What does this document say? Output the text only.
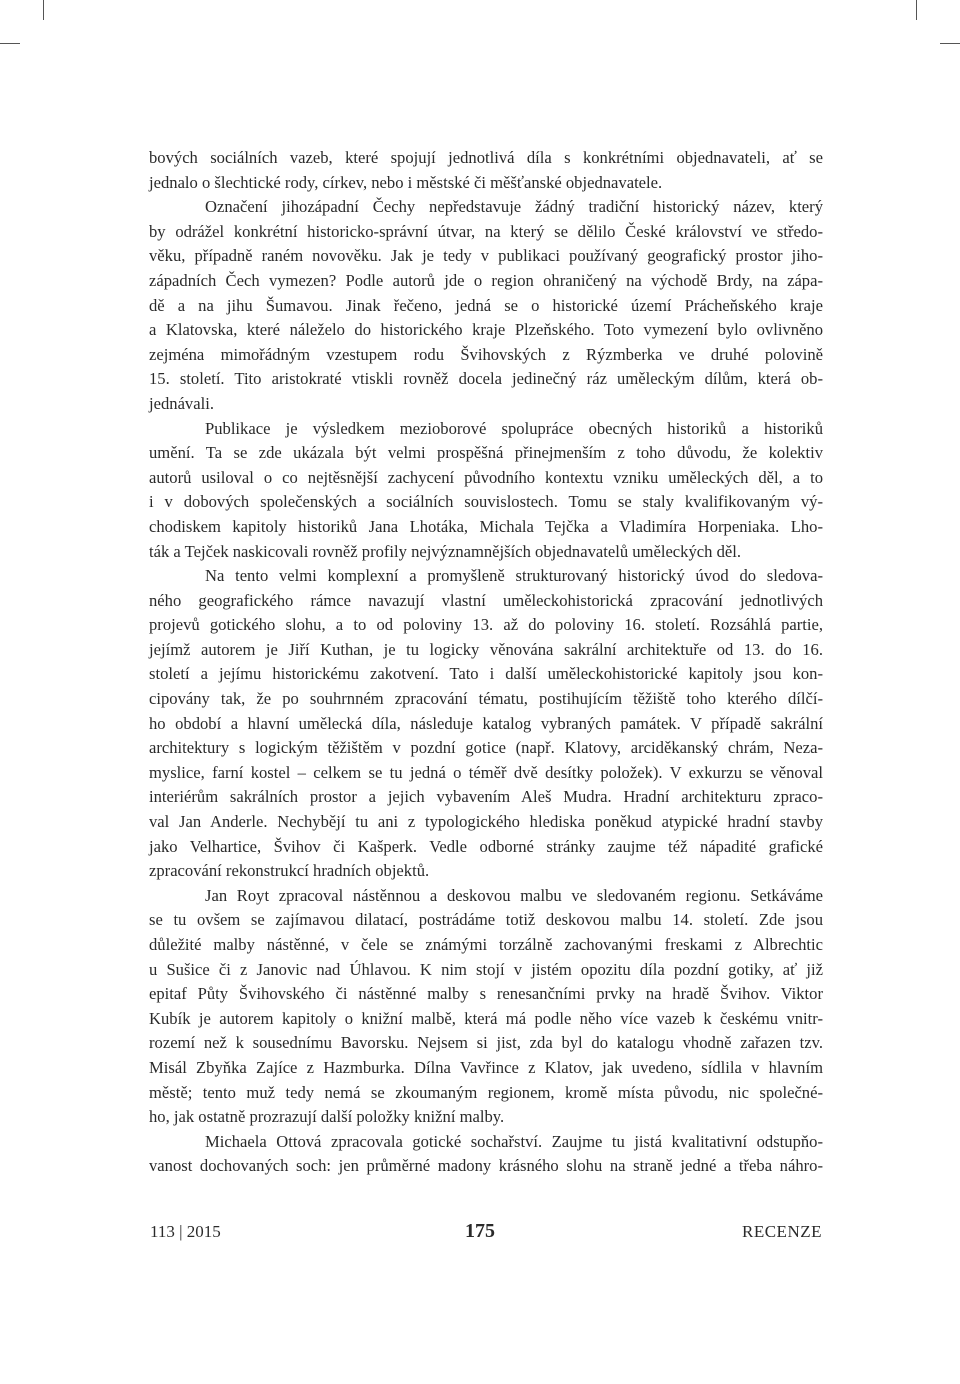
bových sociálních vazeb, které spojují jednotlivá díla s konkrétními objednavateli, ať se
jednalo o šlechtické rody, církev, nebo i městské či měšťanské objednavatele.
Označení jihozápadní Čechy nepředstavuje žádný tradiční historický název, který
by odrážel konkrétní historicko-správní útvar, na který se dělilo České království ve středo-
věku, případně raném novověku. Jak je tedy v publikaci používaný geografický prostor jiho-
západních Čech vymezen? Podle autorů jde o region ohraničený na východě Brdy, na zápa-
dě a na jihu Šumavou. Jinak řečeno, jedná se o historické území Prácheňského kraje
a Klatovska, které náleželo do historického kraje Plzeňského. Toto vymezení bylo ovlivněno
zejména mimořádným vzestupem rodu Švihovských z Rýzmberka ve druhé polovině
15. století. Tito aristokraté vtiskli rovněž docela jedinečný ráz uměleckým dílům, která ob-
jednávali.
Publikace je výsledkem mezioborové spolupráce obecných historiků a historiků
umění. Ta se zde ukázala být velmi prospěšná přinejmenším z toho důvodu, že kolektiv
autorů usiloval o co nejtěsnější zachycení původního kontextu vzniku uměleckých děl, a to
i v dobových společenských a sociálních souvislostech. Tomu se staly kvalifikovaným vý-
chodiskem kapitoly historiků Jana Lhotáka, Michala Tejčka a Vladimíra Horpeniaka. Lho-
ták a Tejček naskicovali rovněž profily nejvýznamnějších objednavatelů uměleckých děl.
Na tento velmi komplexní a promyšleně strukturovaný historický úvod do sledova-
ného geografického rámce navazují vlastní uměleckohistorická zpracování jednotlivých
projevů gotického slohu, a to od poloviny 13. až do poloviny 16. století. Rozsáhlá partie,
jejímž autorem je Jiří Kuthan, je tu logicky věnována sakrální architektuře od 13. do 16.
století a jejímu historickému zakotvení. Tato i další uměleckohistorické kapitoly jsou kon-
cipovány tak, že po souhrnném zpracování tématu, postihujícím těžiště toho kterého dílčí-
ho období a hlavní umělecká díla, následuje katalog vybraných památek. V případě sakrální
architektury s logickým těžištěm v pozdní gotice (např. Klatovy, arciděkanský chrám, Neza-
myslice, farní kostel – celkem se tu jedná o téměř dvě desítky položek). V exkurzu se věnoval
interiérům sakrálních prostor a jejich vybavením Aleš Mudra. Hradní architekturu zpraco-
val Jan Anderle. Nechybějí tu ani z typologického hlediska poněkud atypické hradní stavby
jako Velhartice, Švihov či Kašperk. Vedle odborné stránky zaujme též nápadité grafické
zpracování rekonstrukcí hradních objektů.
Jan Royt zpracoval nástěnnou a deskovou malbu ve sledovaném regionu. Setkáváme
se tu ovšem se zajímavou dilatací, postrádáme totiž deskovou malbu 14. století. Zde jsou
důležité malby nástěnné, v čele se známými torzálně zachovanými freskami z Albrechtic
u Sušice či z Janovic nad Úhlavou. K nim stojí v jistém opozitu díla pozdní gotiky, ať již
epitaf Půty Švihovského či nástěnné malby s renesančními prvky na hradě Švihov. Viktor
Kubík je autorem kapitoly o knižní malbě, která má podle něho více vazeb k českému vnitr-
rozemí než k sousednímu Bavorsku. Nejsem si jist, zda byl do katalogu vhodně zařazen tzv.
Misál Zbyňka Zajíce z Hazmburka. Dílna Vavřince z Klatov, jak uvedeno, sídlila v hlavním
městě; tento muž tedy nemá se zkoumaným regionem, kromě místa původu, nic společné-
ho, jak ostatně prozrazují další položky knižní malby.
Michaela Ottová zpracovala gotické sochařství. Zaujme tu jistá kvalitativní odstupňo-
vanost dochovaných soch: jen průměrné madony krásného slohu na straně jedné a třeba náhro-
113 | 2015	175	RECENZE
